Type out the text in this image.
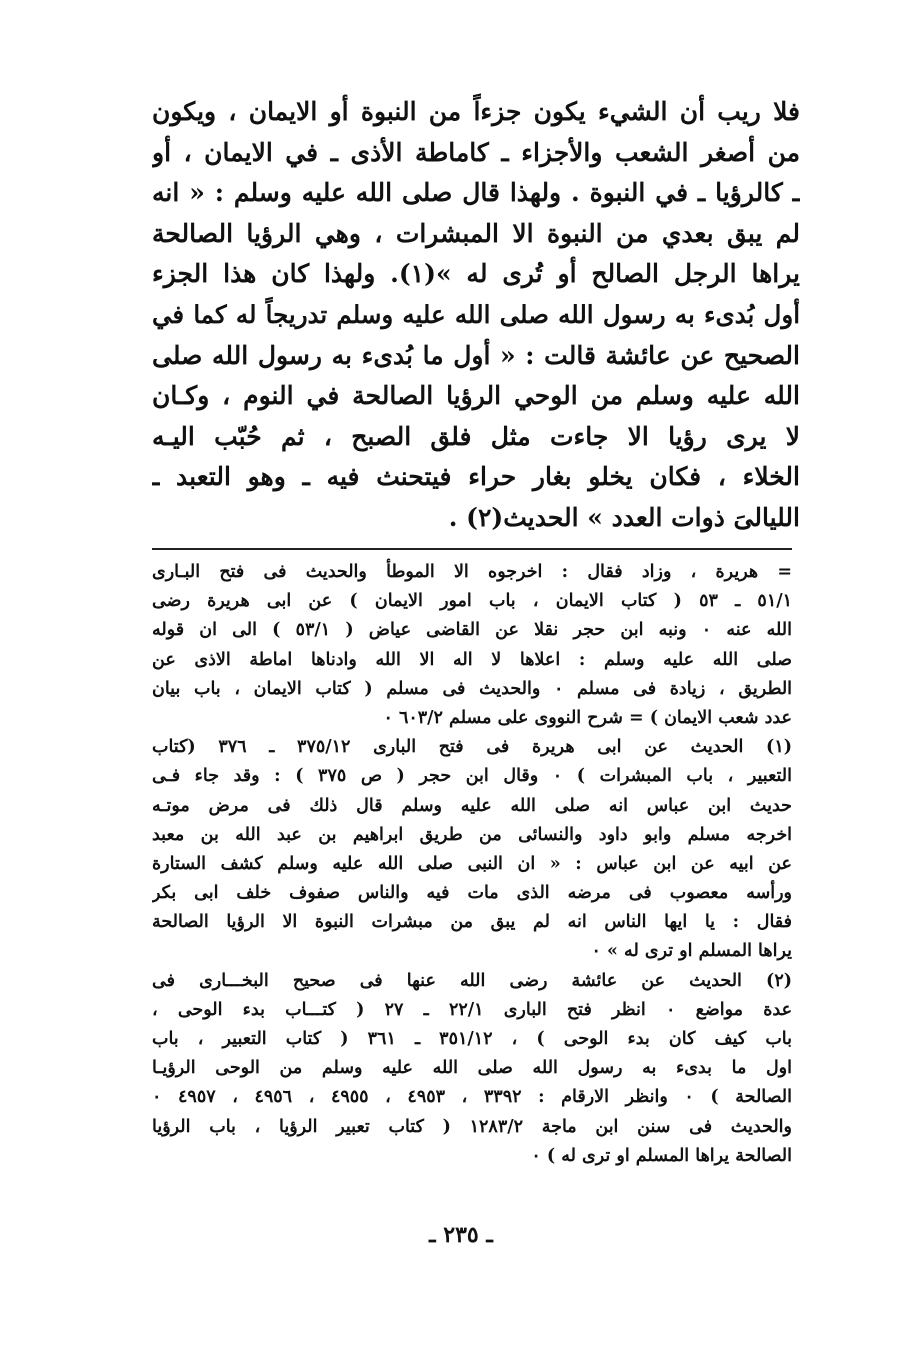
فلا ريب أن الشيء يكون جزءاً من النبوة أو الايمان ، ويكون
من أصغر الشعب والأجزاء ـ كاماطة الأذى ـ في الايمان ، أو
ـ كالرؤيا ـ في النبوة . ولهذا قال صلى الله عليه وسلم : « انه
لم يبق بعدي من النبوة الا المبشرات ، وهي الرؤيا الصالحة
يراها الرجل الصالح أو تُرى له »(١). ولهذا كان هذا الجزء
أول بُدىء به رسول الله صلى الله عليه وسلم تدريجاً له كما في
الصحيح عن عائشة قالت : « أول ما بُدىء به رسول الله صلى
الله عليه وسلم من الوحي الرؤيا الصالحة في النوم ، وكـان
لا يرى رؤيا الا جاءت مثل فلق الصبح ، ثم حُبّب اليـه
الخلاء ، فكان يخلو بغار حراء فيتحنث فيه ـ وهو التعبد ـ
الليالىَ ذوات العدد » الحديث(٢) .
= هريرة ، وزاد فقال : اخرجوه الا الموطأ والحديث فى فتح البـارى
٥١/١ ـ ٥٣ ( كتاب الايمان ، باب امور الايمان ) عن ابى هريرة رضى
الله عنه ٠ ونبه ابن حجر نقلا عن القاضى عياض ( ٥٣/١ ) الى ان قوله
صلى الله عليه وسلم : اعلاها لا اله الا الله وادناها اماطة الاذى عن
الطريق ، زيادة فى مسلم ٠ والحديث فى مسلم ( كتاب الايمان ، باب بيان
عدد شعب الايمان ) = شرح النووى على مسلم ٦٠٣/٢ ٠
(١) الحديث عن ابى هريرة فى فتح البارى ٣٧٥/١٢ ـ ٣٧٦ (كتاب
التعبير ، باب المبشرات ) ٠ وقال ابن حجر ( ص ٣٧٥ ) : وقد جاء فـى
حديث ابن عباس انه صلى الله عليه وسلم قال ذلك فى مرض موتـه
اخرجه مسلم وابو داود والنسائى من طريق ابراهيم بن عبد الله بن معبد
عن ابيه عن ابن عباس : « ان النبى صلى الله عليه وسلم كشف الستارة
ورأسه معصوب فى مرضه الذى مات فيه والناس صفوف خلف ابى بكر
فقال : يا ايها الناس انه لم يبق من مبشرات النبوة الا الرؤيا الصالحة
يراها المسلم او ترى له » ٠
(٢) الحديث عن عائشة رضى الله عنها فى صحيح البخـــارى فى
عدة مواضع ٠ انظر فتح البارى ٢٢/١ ـ ٢٧ ( كتـــاب بدء الوحى ،
باب كيف كان بدء الوحى ) ، ٣٥١/١٢ ـ ٣٦١ ( كتاب التعبير ، باب
اول ما بدىء به رسول الله صلى الله عليه وسلم من الوحى الرؤيـا
الصالحة ) ٠ وانظر الارقام : ٣٣٩٢ ، ٤٩٥٣ ، ٤٩٥٥ ، ٤٩٥٦ ، ٤٩٥٧ ٠
والحديث فى سنن ابن ماجة ١٢٨٣/٢ ( كتاب تعبير الرؤيا ، باب الرؤيا
الصالحة يراها المسلم او ترى له ) ٠
ـ ٢٣٥ ـ
